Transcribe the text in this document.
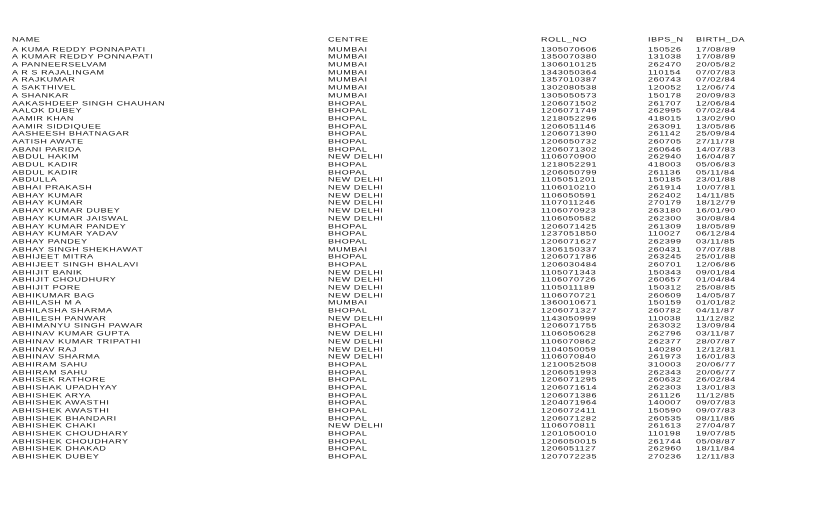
NAME	CENTRE	ROLL_NO	IBPS_N	BIRTH_DA
A KUMA REDDY PONNAPATI	MUMBAI	1305070606	150526	17/08/89
A KUMAR REDDY PONNAPATI	MUMBAI	1350070380	131038	17/08/89
A PANNEERSELVAM	MUMBAI	1306010125	262470	20/05/82
A R S RAJALINGAM	MUMBAI	1343050364	110154	07/07/83
A RAJKUMAR	MUMBAI	1357010387	260743	07/02/84
A SAKTHIVEL	MUMBAI	1302080538	120052	12/06/74
A SHANKAR	MUMBAI	1305050573	150178	20/09/83
AAKASHDEEP SINGH CHAUHAN	BHOPAL	1206071502	261707	12/06/84
AALOK DUBEY	BHOPAL	1206071749	262995	07/02/84
AAMIR KHAN	BHOPAL	1218052296	418015	13/02/90
AAMIR SIDDIQUEE	BHOPAL	1206051146	263091	13/05/86
AASHEESH BHATNAGAR	BHOPAL	1206071390	261142	25/09/84
AATISH AWATE	BHOPAL	1206050732	260705	27/11/78
ABANI PARIDA	BHOPAL	1206071302	260646	14/07/83
ABDUL HAKIM	NEW DELHI	1106070900	262940	16/04/87
ABDUL KADIR	BHOPAL	1218052291	418003	05/06/83
ABDUL KADIR	BHOPAL	1206050799	261136	05/11/84
ABDULLA	NEW DELHI	1105051201	150185	23/01/88
ABHAI PRAKASH	NEW DELHI	1106010210	261914	10/07/81
ABHAY KUMAR	NEW DELHI	1106050591	262402	14/11/85
ABHAY KUMAR	NEW DELHI	1107011246	270179	18/12/79
ABHAY KUMAR DUBEY	NEW DELHI	1106070923	263180	16/01/90
ABHAY KUMAR JAISWAL	NEW DELHI	1106050582	262300	30/08/84
ABHAY KUMAR PANDEY	BHOPAL	1206071425	261309	18/05/89
ABHAY KUMAR YADAV	BHOPAL	1237051850	110027	06/12/84
ABHAY PANDEY	BHOPAL	1206071627	262399	03/11/85
ABHAY SINGH SHEKHAWAT	MUMBAI	1306150337	260431	07/07/88
ABHIJEET MITRA	BHOPAL	1206071786	263245	25/01/88
ABHIJEET SINGH BHALAVI	BHOPAL	1206030484	260701	12/06/86
ABHIJIT BANIK	NEW DELHI	1105071343	150343	09/01/84
ABHIJIT CHOUDHURY	NEW DELHI	1106070726	260657	01/04/84
ABHIJIT PORE	NEW DELHI	1105011189	150312	25/08/85
ABHIKUMAR BAG	NEW DELHI	1106070721	260609	14/05/87
ABHILASH M A	MUMBAI	1360010671	150159	01/01/82
ABHILASHA SHARMA	BHOPAL	1206071327	260782	04/11/87
ABHILESH PANWAR	NEW DELHI	1143050999	110038	11/12/82
ABHIMANYU SINGH PAWAR	BHOPAL	1206071755	263032	13/09/84
ABHINAV KUMAR GUPTA	NEW DELHI	1106050628	262796	03/11/87
ABHINAV KUMAR TRIPATHI	NEW DELHI	1106070862	262377	28/07/87
ABHINAV RAJ	NEW DELHI	1104050059	140280	12/12/81
ABHINAV SHARMA	NEW DELHI	1106070840	261973	16/01/83
ABHIRAM SAHU	BHOPAL	1210052508	310003	20/06/77
ABHIRAM SAHU	BHOPAL	1206051993	262343	20/06/77
ABHISEK RATHORE	BHOPAL	1206071295	260632	26/02/84
ABHISHAK UPADHYAY	BHOPAL	1206071614	262303	13/01/83
ABHISHEK ARYA	BHOPAL	1206071386	261126	11/12/85
ABHISHEK AWASTHI	BHOPAL	1204071964	140007	09/07/83
ABHISHEK AWASTHI	BHOPAL	1206072411	150590	09/07/83
ABHISHEK BHANDARI	BHOPAL	1206071282	260535	08/11/86
ABHISHEK CHAKI	NEW DELHI	1106070811	261613	27/04/87
ABHISHEK CHOUDHARY	BHOPAL	1201050010	110198	19/07/85
ABHISHEK CHOUDHARY	BHOPAL	1206050015	261744	05/08/87
ABHISHEK DHAKAD	BHOPAL	1206051127	262960	18/11/84
ABHISHEK DUBEY	BHOPAL	1207072235	270236	12/11/83
